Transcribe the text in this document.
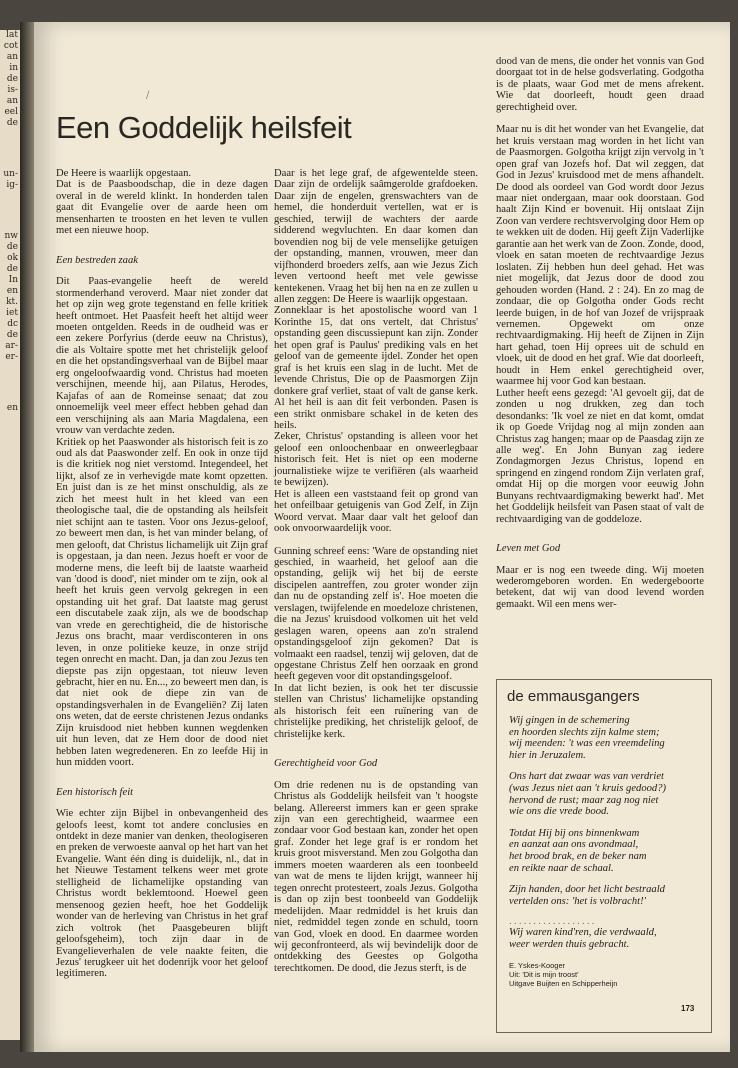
lat
cot
an
in
de
is-
an
eel
de
un-
ig-
nw
de
ok
de
In
en
kt.
iet
dc
de
ar-
er-
en
/
Een Goddelijk heilsfeit

De Heere is waarlijk opgestaan.
Dat is de Paasboodschap, die in deze dagen overal in de wereld klinkt. In honderden talen gaat dit Evangelie over de aarde heen om mensenharten te troosten en het leven te vullen met een nieuwe hoop.

Een bestreden zaak

Dit Paas-evangelie heeft de wereld stormenderhand veroverd. Maar niet zonder dat het op zijn weg grote tegenstand en felle kritiek heeft ontmoet. Het Paasfeit heeft het altijd weer moeten ontgelden. Reeds in de oudheid was er een zekere Porfyrius (derde eeuw na Christus), die als Voltaire spotte met het christelijk geloof en die het opstandingsverhaal van de Bijbel maar erg ongeloofwaardig vond. Christus had moeten verschijnen, meende hij, aan Pilatus, Herodes, Kajafas of aan de Romeinse senaat; dat zou onnoemelijk veel meer effect hebben gehad dan een verschijning als aan Maria Magdalena, een vrouw van verdachte zeden.

Kritiek op het Paaswonder als historisch feit is zo oud als dat Paaswonder zelf. En ook in onze tijd is die kritiek nog niet verstomd. Integendeel, het lijkt, alsof ze in verhevigde mate komt opzetten. En juist dan is ze het minst onschuldig, als ze zich het meest hult in het kleed van een theologische taal, die de opstanding als heilsfeit niet schijnt aan te tasten. Voor ons Jezus-geloof, zo beweert men dan, is het van minder belang, of men gelooft, dat Christus lichamelijk uit Zijn graf is opgestaan, ja dan neen. Jezus hoeft er voor de moderne mens, die leeft bij de laatste waarheid van 'dood is dood', niet minder om te zijn, ook al heeft het kruis geen vervolg gekregen in een opstanding uit het graf. Dat laatste mag gerust een discutabele zaak zijn, als we de boodschap van vrede en gerechtigheid, die de historische Jezus ons bracht, maar verdisconteren in ons leven, in onze politieke keuze, in onze strijd tegen onrecht en macht. Dan, ja dan zou Jezus ten diepste pas zijn opgestaan, tot nieuw leven gebracht, hier en nu. En..., zo beweert men dan, is dat niet ook de diepe zin van de opstandingsverhalen in de Evangeliën? Zij laten ons weten, dat de eerste christenen Jezus ondanks Zijn kruisdood niet hebben kunnen wegdenken uit hun leven, dat ze Hem door de dood niet hebben laten wegredeneren. En zo leefde Hij in hun midden voort.

Een historisch feit

Wie echter zijn Bijbel in onbevangenheid des geloofs leest, komt tot andere conclusies en ontdekt in deze manier van denken, theologiseren en preken de verwoeste aanval op het hart van het Evangelie. Want één ding is duidelijk, nl., dat in het Nieuwe Testament telkens weer met grote stelligheid de lichamelijke opstanding van Christus wordt beklemtoond. Hoewel geen mensenoog gezien heeft, hoe het Goddelijk wonder van de herleving van Christus in het graf zich voltrok (het Paasgebeuren blijft geloofsgeheim), toch zijn daar in de Evangelieverhalen de vele naakte feiten, die Jezus' terugkeer uit het dodenrijk voor het geloof legitimeren.

Daar is het lege graf, de afgewentelde steen. Daar zijn de ordelijk saâmgerolde grafdoeken. Daar zijn de engelen, grenswachters van de hemel, die honderduit vertellen, wat er is geschied, terwijl de wachters der aarde sidderend wegvluchten. En daar komen dan bovendien nog bij de vele menselijke getuigen der opstanding, mannen, vrouwen, meer dan vijfhonderd broeders zelfs, aan wie Jezus Zich leven vertoond heeft met vele gewisse kentekenen. Vraag het bij hen na en ze zullen u allen zeggen: De Heere is waarlijk opgestaan.

Zonneklaar is het apostolische woord van 1 Korinthe 15, dat ons vertelt, dat Christus' opstanding geen discussiepunt kan zijn. Zonder het open graf is Paulus' prediking vals en het geloof van de gemeente ijdel. Zonder het open graf is het kruis een slag in de lucht. Met de levende Christus, Die op de Paasmorgen Zijn donkere graf verliet, staat of valt de ganse kerk. Al het heil is aan dit feit verbonden. Pasen is een strikt onmisbare schakel in de keten des heils.

Zeker, Christus' opstanding is alleen voor het geloof een onloochenbaar en onweerlegbaar historisch feit. Het is niet op een moderne journalistieke wijze te verifiëren (als waarheid te bewijzen).

Het is alleen een vaststaand feit op grond van het onfeilbaar getuigenis van God Zelf, in Zijn Woord vervat. Maar daar valt het geloof dan ook onvoorwaardelijk voor.

Gunning schreef eens: 'Ware de opstanding niet geschied, in waarheid, het geloof aan die opstanding, gelijk wij het bij de eerste discipelen aantreffen, zou groter wonder zijn dan nu de opstanding zelf is'. Hoe moeten die verslagen, twijfelende en moedeloze christenen, die na Jezus' kruisdood volkomen uit het veld geslagen waren, opeens aan zo'n stralend opstandingsgeloof zijn gekomen? Dat is volmaakt een raadsel, tenzij wij geloven, dat de opgestane Christus Zelf hen oorzaak en grond heeft gegeven voor dit opstandingsgeloof.

In dat licht bezien, is ook het ter discussie stellen van Christus' lichamelijke opstanding als historisch feit een ruïnering van de christelijke prediking, het christelijk geloof, de christelijke kerk.

Gerechtigheid voor God

Om drie redenen nu is de opstanding van Christus als Goddelijk heilsfeit van 't hoogste belang. Allereerst immers kan er geen sprake zijn van een gerechtigheid, waarmee een zondaar voor God bestaan kan, zonder het open graf. Zonder het lege graf is er rondom het kruis groot misverstand. Men zou Golgotha dan immers moeten waarderen als een toonbeeld van wat de mens te lijden krijgt, wanneer hij tegen onrecht protesteert, zoals Jezus. Golgotha is dan op zijn best toonbeeld van Goddelijk medelijden. Maar redmiddel is het kruis dan niet, redmiddel tegen zonde en schuld, toorn van God, vloek en dood. En daarmee worden wij geconfronteerd, als wij bevindelijk door de ontdekking des Geestes op Golgotha terechtkomen. De dood, die Jezus sterft, is de

dood van de mens, die onder het vonnis van God doorgaat tot in de helse godsverlating. Godgotha is de plaats, waar God met de mens afrekent. Wie dat doorleeft, houdt geen draad gerechtigheid over.

Maar nu is dit het wonder van het Evangelie, dat het kruis verstaan mag worden in het licht van de Paasmorgen. Golgotha krijgt zijn vervolg in 't open graf van Jozefs hof. Dat wil zeggen, dat God in Jezus' kruisdood met de mens afhandelt. De dood als oordeel van God wordt door Jezus maar niet ondergaan, maar ook doorstaan. God haalt Zijn Kind er bovenuit. Hij ontslaat Zijn Zoon van verdere rechtsvervolging door Hem op te wekken uit de doden. Hij geeft Zijn Vaderlijke garantie aan het werk van de Zoon. Zonde, dood, vloek en satan moeten de rechtvaardige Jezus loslaten. Zij hebben hun deel gehad. Het was niet mogelijk, dat Jezus door de dood zou gehouden worden (Hand. 2 : 24). En zo mag de zondaar, die op Golgotha onder Gods recht leerde buigen, in de hof van Jozef de vrijspraak vernemen. Opgewekt om onze rechtvaardigmaking. Hij heeft de Zijnen in Zijn hart gehad, toen Hij oprees uit de schuld en vloek, uit de dood en het graf. Wie dat doorleeft, houdt in Hem enkel gerechtigheid over, waarmee hij voor God kan bestaan.

Luther heeft eens gezegd: 'Al gevoelt gij, dat de zonden u nog drukken, zeg dan toch desondanks: 'Ik voel ze niet en dat komt, omdat ik op Goede Vrijdag nog al mijn zonden aan Christus zag hangen; maar op de Paasdag zijn ze alle weg'. En John Bunyan zag iedere Zondagmorgen Jezus Christus, lopend en springend en zingend rondom Zijn verlaten graf, omdat Hij op die morgen voor eeuwig John Bunyans rechtvaardigmaking bewerkt had'. Met het Goddelijk heilsfeit van Pasen staat of valt de rechtvaardiging van de goddeloze.

Leven met God

Maar er is nog een tweede ding. Wij moeten wederomgeboren worden. En wedergeboorte betekent, dat wij van dood levend worden gemaakt. Wil een mens wer-

de emmausgangers
Wij gingen in de schemering
en hoorden slechts zijn kalme stem;
wij meenden: 't was een vreemdeling
hier in Jeruzalem.
Ons hart dat zwaar was van verdriet
(was Jezus niet aan 't kruis gedood?)
hervond de rust; maar zag nog niet
wie ons die vrede bood.
Totdat Hij bij ons binnenkwam
en aanzat aan ons avondmaal,
het brood brak, en de beker nam
en reikte naar de schaal.
Zijn handen, door het licht bestraald
vertelden ons: 'het is volbracht!'
..................
Wij waren kind'ren, die verdwaald,
weer werden thuis gebracht.
E. Yskes-Kooger
Uit: 'Dit is mijn troost'
Uitgave Buijten en Schipperheijn
173
